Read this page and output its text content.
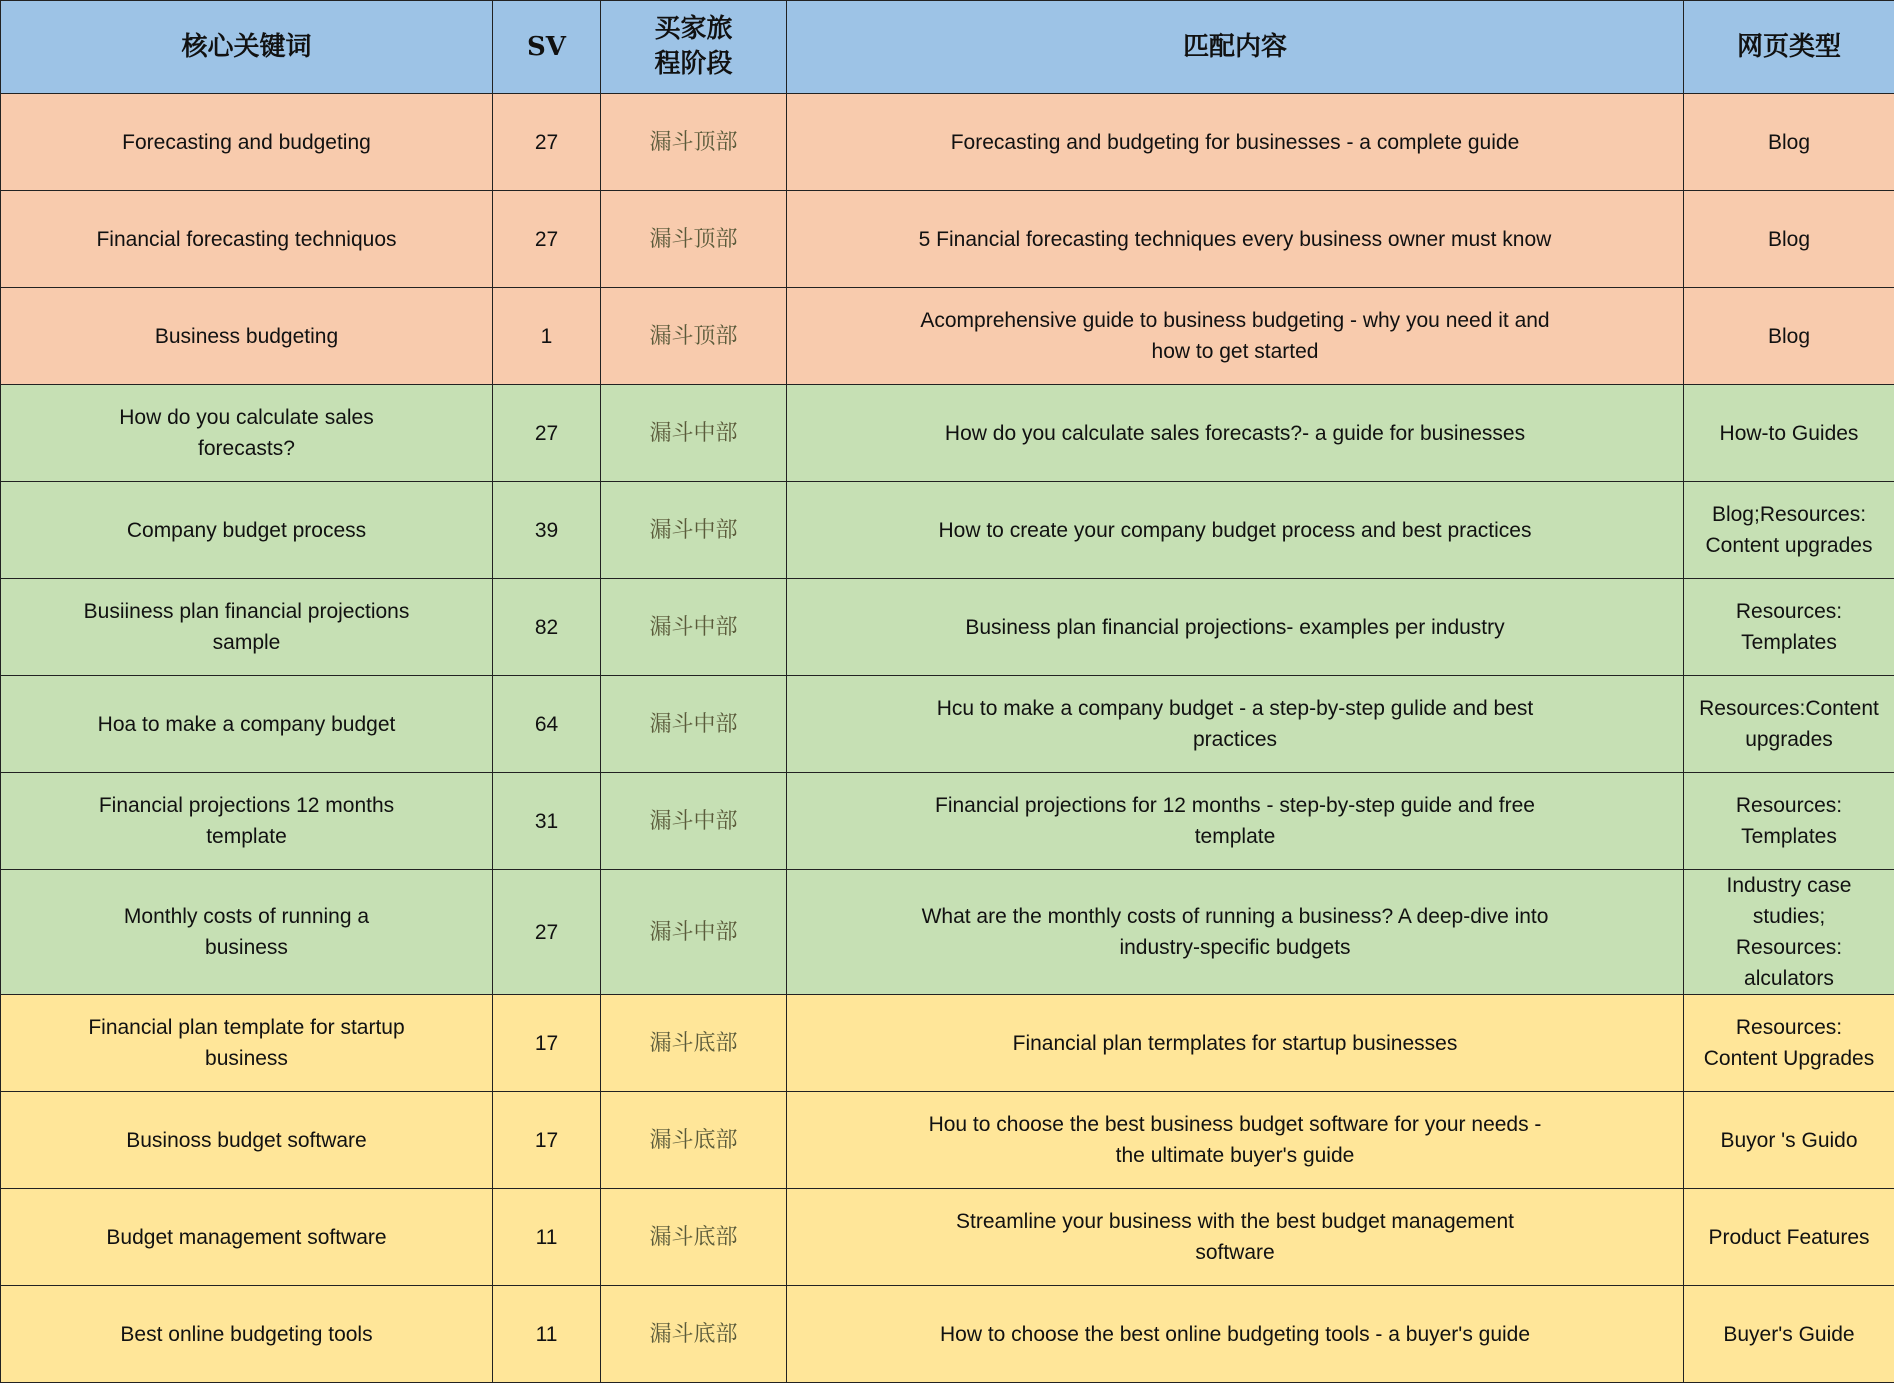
核心关键词	SV	买家旅程阶段	匹配内容	网页类型

Forecasting and budgeting	27	漏斗顶部	Forecasting and budgeting for businesses - a complete guide	Blog

Financial forecasting techniquos	27	漏斗顶部	5 Financial forecasting techniques every business owner must know	Blog

Business budgeting	1	漏斗顶部	Acomprehensive guide to business budgeting - why you need it and how to get started	Blog

How do you calculate sales forecasts?	27	漏斗中部	How do you calculate sales forecasts?- a guide for businesses	How-to Guides

Company budget process	39	漏斗中部	How to create your company budget process and best practices	Blog;Resources: Content upgrades

Busiiness plan financial projections sample	82	漏斗中部	Business plan financial projections- examples per industry	Resources: Templates

Hoa to make a company budget	64	漏斗中部	Hcu to make a company budget - a step-by-step gulide and best practices	Resources:Content upgrades

Financial projections 12 months template	31	漏斗中部	Financial projections for 12 months - step-by-step guide and free template	Resources: Templates

Monthly costs of running a business	27	漏斗中部	What are the monthly costs of running a business? A deep-dive into industry-specific budgets	Industry case studies; Resources: alculators

Financial plan template for startup business	17	漏斗底部	Financial plan termplates for startup businesses	Resources: Content Upgrades

Businoss budget software	17	漏斗底部	Hou to choose the best business budget software for your needs - the ultimate buyer's guide	Buyor 's Guido

Budget management software	11	漏斗底部	Streamline your business with the best budget management software	Product Features

Best online budgeting tools	11	漏斗底部	How to choose the best online budgeting tools - a buyer's guide	Buyer's Guide
